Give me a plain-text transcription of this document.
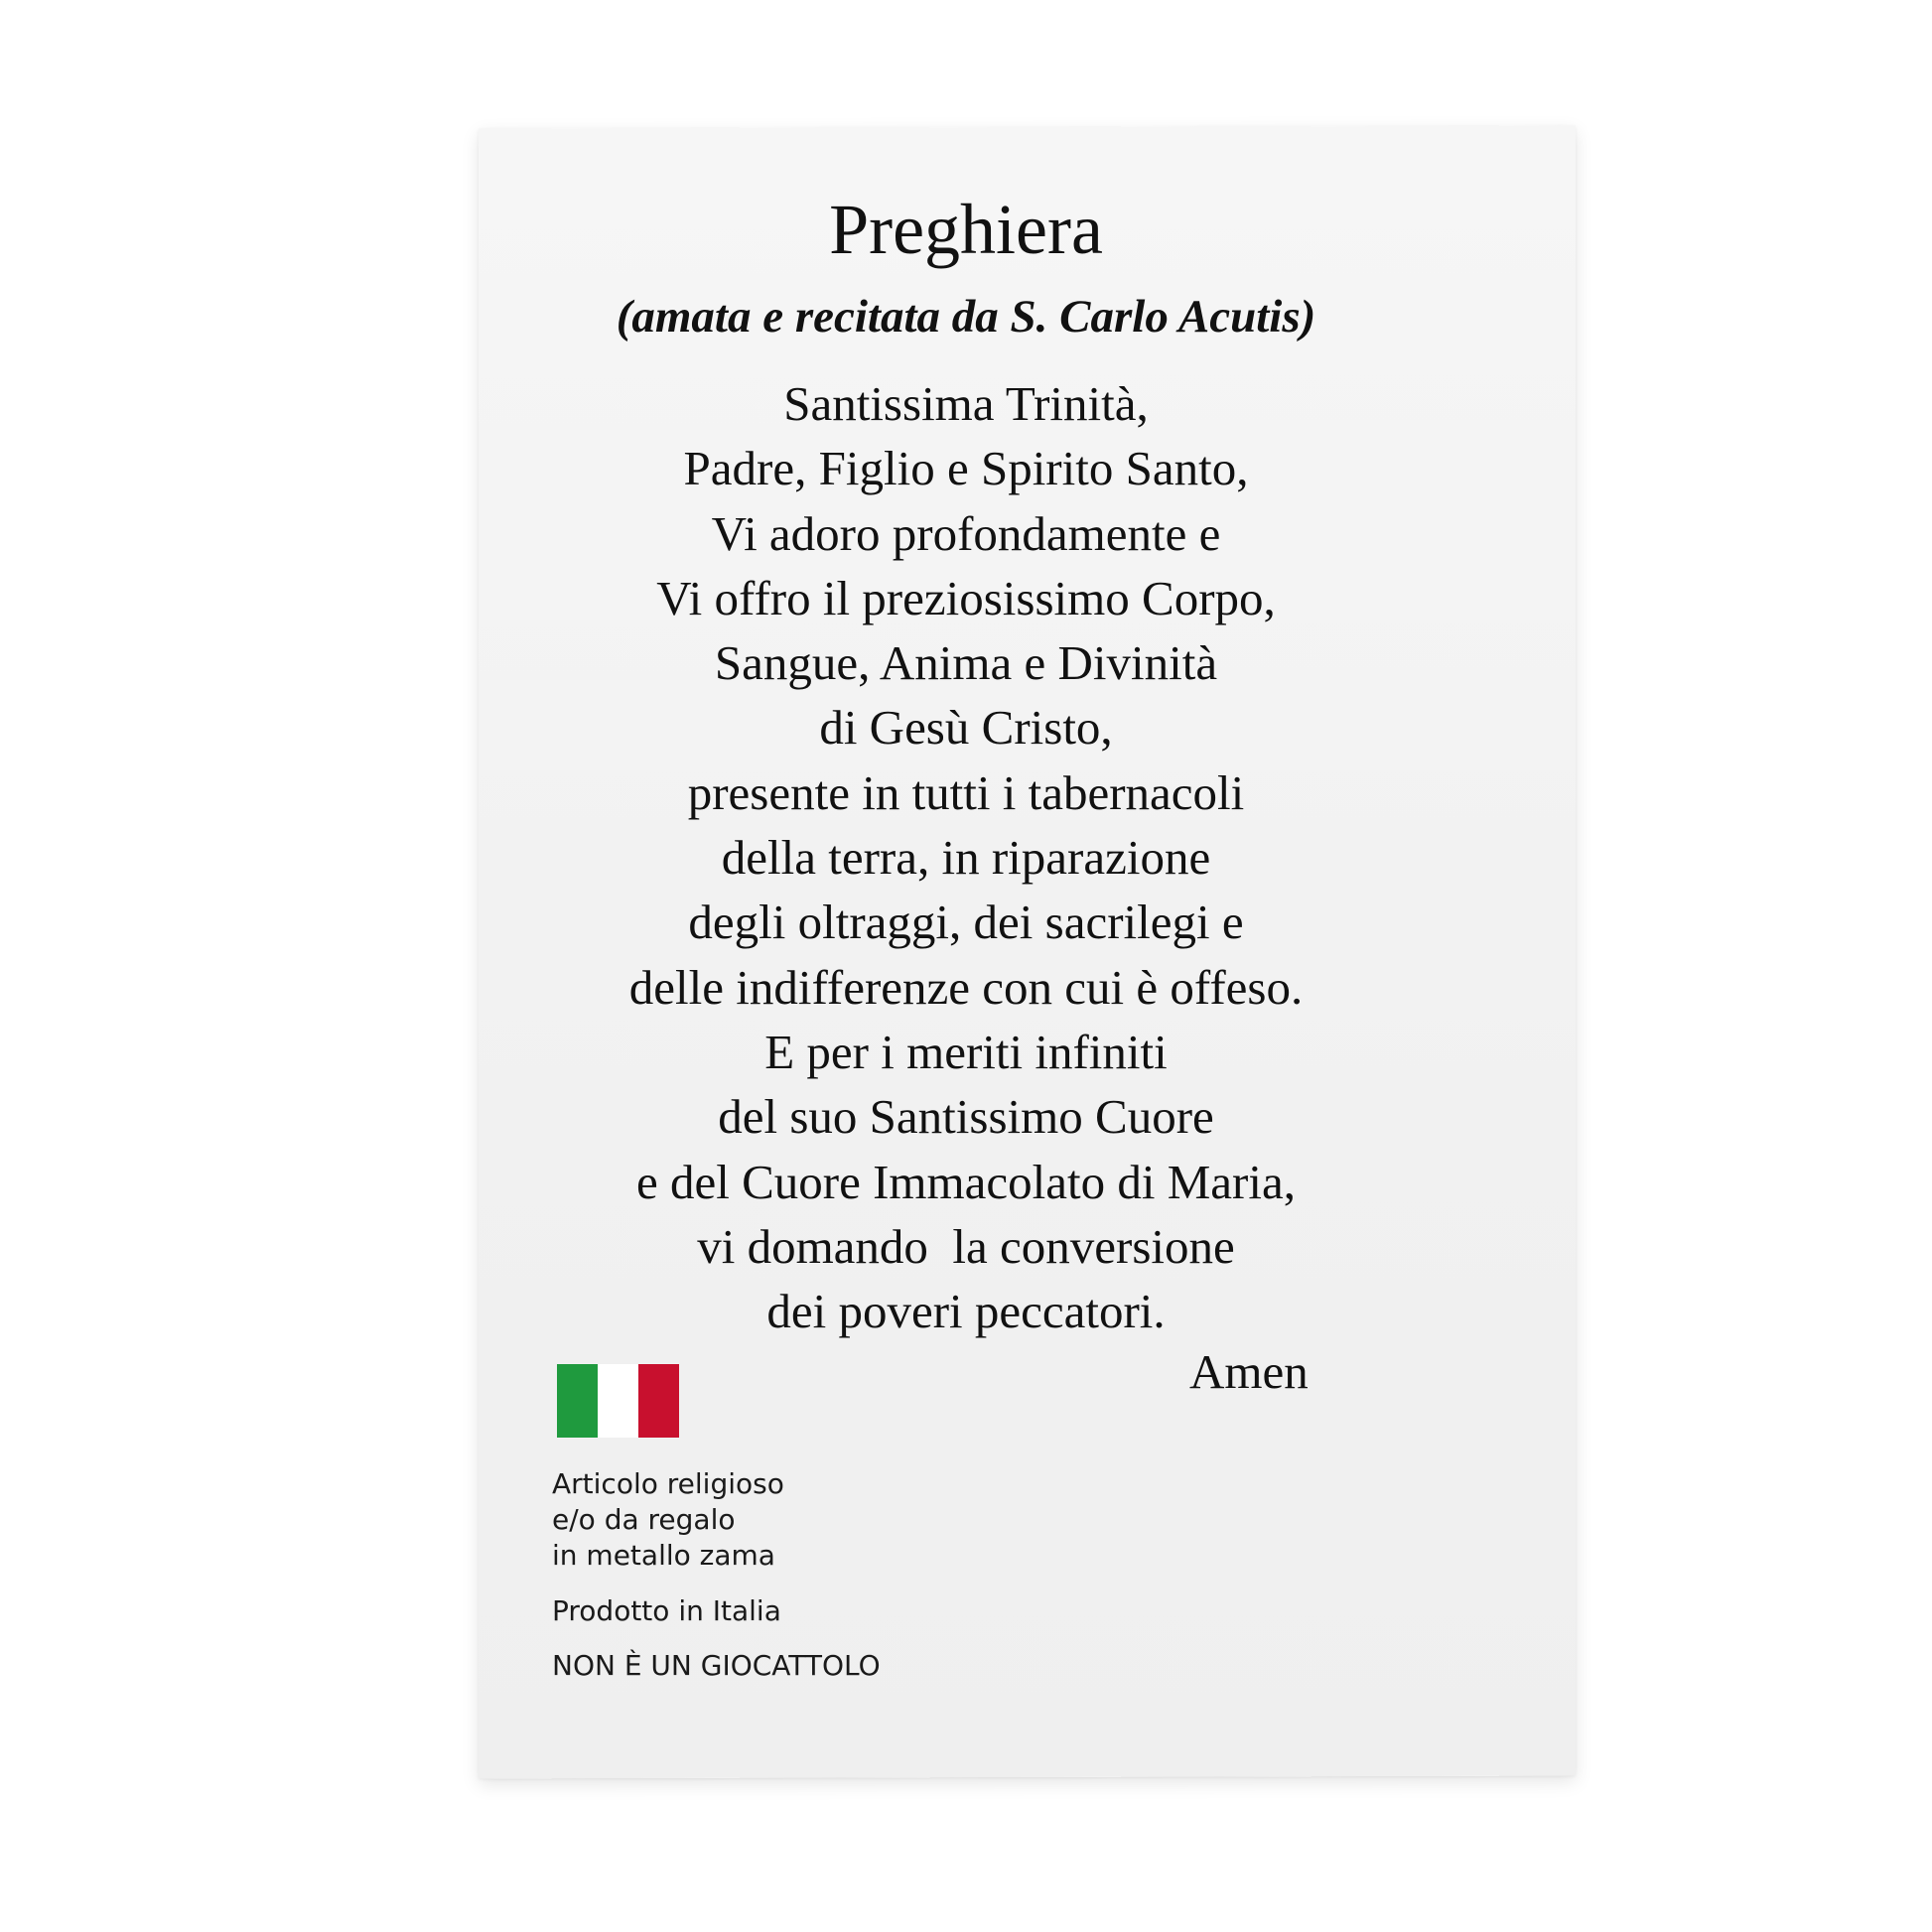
Preghiera
(amata e recitata da S. Carlo Acutis)
Santissima Trinità,
Padre, Figlio e Spirito Santo,
Vi adoro profondamente e
Vi offro il preziosissimo Corpo,
Sangue, Anima e Divinità
di Gesù Cristo,
presente in tutti i tabernacoli
della terra, in riparazione
degli oltraggi, dei sacrilegi e
delle indifferenze con cui è offeso.
E per i meriti infiniti
del suo Santissimo Cuore
e del Cuore Immacolato di Maria,
vi domando  la conversione
dei poveri peccatori.
Amen
Articolo religioso
e/o da regalo
in metallo zama
Prodotto in Italia
NON È UN GIOCATTOLO
